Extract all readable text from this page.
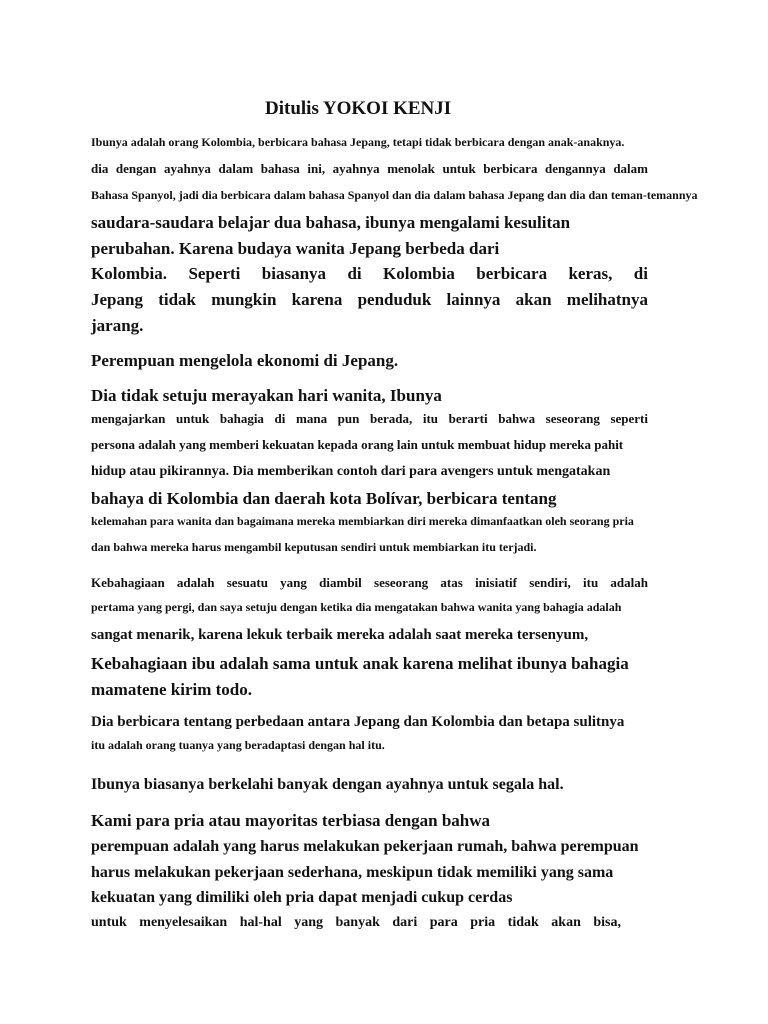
Ditulis YOKOI KENJI
Ibunya adalah orang Kolombia, berbicara bahasa Jepang, tetapi tidak berbicara dengan anak-anaknya.
dia dengan ayahnya dalam bahasa ini, ayahnya menolak untuk berbicara dengannya dalam
Bahasa Spanyol, jadi dia berbicara dalam bahasa Spanyol dan dia dalam bahasa Jepang dan dia dan teman-temannya
saudara-saudara belajar dua bahasa, ibunya mengalami kesulitan
perubahan. Karena budaya wanita Jepang berbeda dari
Kolombia. Seperti biasanya di Kolombia berbicara keras, di
Jepang tidak mungkin karena penduduk lainnya akan melihatnya
jarang.
Perempuan mengelola ekonomi di Jepang.
Dia tidak setuju merayakan hari wanita, Ibunya
mengajarkan untuk bahagia di mana pun berada, itu berarti bahwa seseorang seperti
persona adalah yang memberi kekuatan kepada orang lain untuk membuat hidup mereka pahit
hidup atau pikirannya. Dia memberikan contoh dari para avengers untuk mengatakan
bahaya di Kolombia dan daerah kota Bolívar, berbicara tentang
kelemahan para wanita dan bagaimana mereka membiarkan diri mereka dimanfaatkan oleh seorang pria
dan bahwa mereka harus mengambil keputusan sendiri untuk membiarkan itu terjadi.
Kebahagiaan adalah sesuatu yang diambil seseorang atas inisiatif sendiri, itu adalah
pertama yang pergi, dan saya setuju dengan ketika dia mengatakan bahwa wanita yang bahagia adalah
sangat menarik, karena lekuk terbaik mereka adalah saat mereka tersenyum,
Kebahagiaan ibu adalah sama untuk anak karena melihat ibunya bahagia
mamatene kirim todo.
Dia berbicara tentang perbedaan antara Jepang dan Kolombia dan betapa sulitnya
itu adalah orang tuanya yang beradaptasi dengan hal itu.
Ibunya biasanya berkelahi banyak dengan ayahnya untuk segala hal.
Kami para pria atau mayoritas terbiasa dengan bahwa
perempuan adalah yang harus melakukan pekerjaan rumah, bahwa perempuan
harus melakukan pekerjaan sederhana, meskipun tidak memiliki yang sama
kekuatan yang dimiliki oleh pria dapat menjadi cukup cerdas
untuk menyelesaikan hal-hal yang banyak dari para pria tidak akan bisa,
